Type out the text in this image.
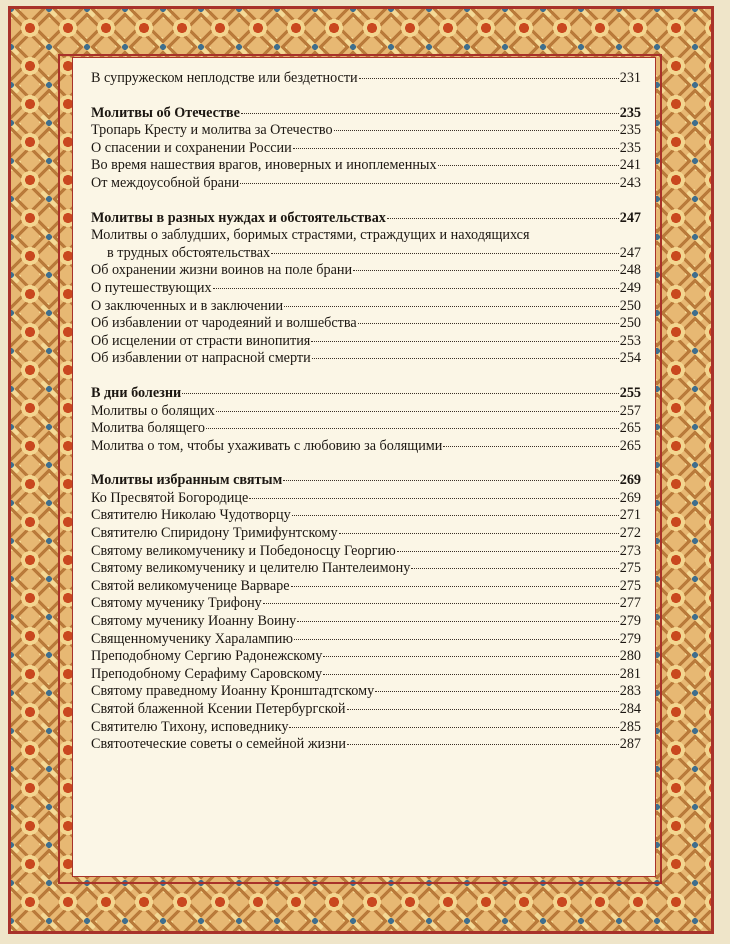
В супружеском неплодстве или бездетности	231
Молитвы об Отечестве	235
Тропарь Кресту и молитва за Отечество	235
О спасении и сохранении России	235
Во время нашествия врагов, иноверных и иноплеменных	241
От междоусобной брани	243
Молитвы в разных нуждах и обстоятельствах	247
Молитвы о заблудших, боримых страстями, страждущих и находящихся
в трудных обстоятельствах	247
Об охранении жизни воинов на поле брани	248
О путешествующих	249
О заключенных и в заключении	250
Об избавлении от чародеяний и волшебства	250
Об исцелении от страсти винопития	253
Об избавлении от напрасной смерти	254
В дни болезни	255
Молитвы о болящих	257
Молитва болящего	265
Молитва о том, чтобы ухаживать с любовию за болящими	265
Молитвы избранным святым	269
Ко Пресвятой Богородице	269
Святителю Николаю Чудотворцу	271
Святителю Спиридону Тримифунтскому	272
Святому великомученику и Победоносцу Георгию	273
Святому великомученику и целителю Пантелеимону	275
Святой великомученице Варваре	275
Святому мученику Трифону	277
Святому мученику Иоанну Воину	279
Священномученику Харалампию	279
Преподобному Сергию Радонежскому	280
Преподобному Серафиму Саровскому	281
Святому праведному Иоанну Кронштадтскому	283
Святой блаженной Ксении Петербургской	284
Святителю Тихону, исповеднику	285
Святоотеческие советы о семейной жизни	287
